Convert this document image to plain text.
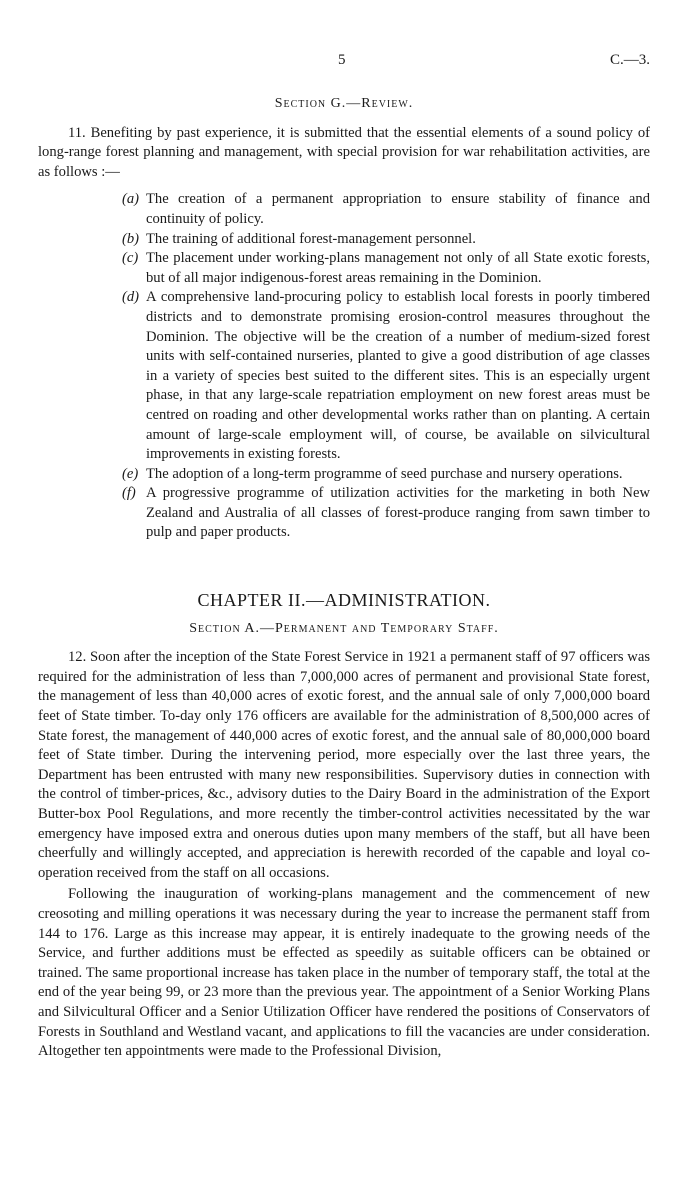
5	C.—3.
Section G.—Review.

11. Benefiting by past experience, it is submitted that the essential elements of a sound policy of long-range forest planning and management, with special provision for war rehabilitation activities, are as follows :—

(a) The creation of a permanent appropriation to ensure stability of finance and continuity of policy.
(b) The training of additional forest-management personnel.
(c) The placement under working-plans management not only of all State exotic forests, but of all major indigenous-forest areas remaining in the Dominion.
(d) A comprehensive land-procuring policy to establish local forests in poorly timbered districts and to demonstrate promising erosion-control measures throughout the Dominion. The objective will be the creation of a number of medium-sized forest units with self-contained nurseries, planted to give a good distribution of age classes in a variety of species best suited to the different sites. This is an especially urgent phase, in that any large-scale repatriation employment on new forest areas must be centred on roading and other developmental works rather than on planting. A certain amount of large-scale employment will, of course, be available on silvicultural improvements in existing forests.
(e) The adoption of a long-term programme of seed purchase and nursery operations.
(f) A progressive programme of utilization activities for the marketing in both New Zealand and Australia of all classes of forest-produce ranging from sawn timber to pulp and paper products.
CHAPTER II.—ADMINISTRATION.
Section A.—Permanent and Temporary Staff.

12. Soon after the inception of the State Forest Service in 1921 a permanent staff of 97 officers was required for the administration of less than 7,000,000 acres of permanent and provisional State forest, the management of less than 40,000 acres of exotic forest, and the annual sale of only 7,000,000 board feet of State timber. To-day only 176 officers are available for the administration of 8,500,000 acres of State forest, the management of 440,000 acres of exotic forest, and the annual sale of 80,000,000 board feet of State timber. During the intervening period, more especially over the last three years, the Department has been entrusted with many new responsibilities. Supervisory duties in connection with the control of timber-prices, &c., advisory duties to the Dairy Board in the administration of the Export Butter-box Pool Regulations, and more recently the timber-control activities necessitated by the war emergency have imposed extra and onerous duties upon many members of the staff, but all have been cheerfully and willingly accepted, and appreciation is herewith recorded of the capable and loyal co-operation received from the staff on all occasions.

Following the inauguration of working-plans management and the commencement of new creosoting and milling operations it was necessary during the year to increase the permanent staff from 144 to 176. Large as this increase may appear, it is entirely inadequate to the growing needs of the Service, and further additions must be effected as speedily as suitable officers can be obtained or trained. The same proportional increase has taken place in the number of temporary staff, the total at the end of the year being 99, or 23 more than the previous year. The appointment of a Senior Working Plans and Silvicultural Officer and a Senior Utilization Officer have rendered the positions of Conservators of Forests in Southland and Westland vacant, and applications to fill the vacancies are under consideration. Altogether ten appointments were made to the Professional Division,
